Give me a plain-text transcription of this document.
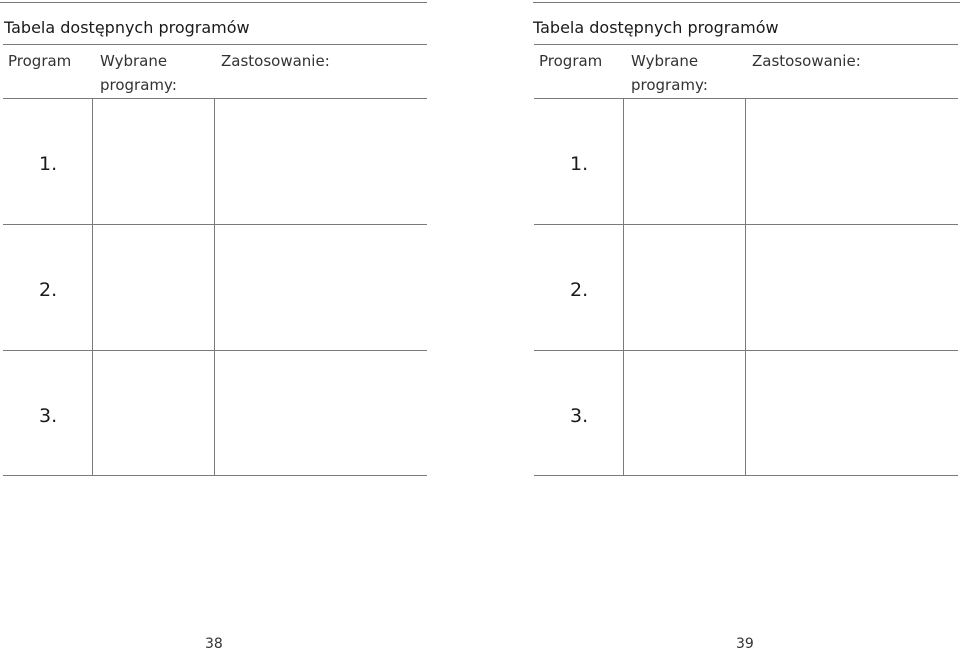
Tabela dostępnych programów
Program Wybrane programy:
Zastosowanie:
1.
2.
3.
38
Tabela dostępnych programów
Program Wybrane programy:
Zastosowanie:
1.
2.
3.
39
